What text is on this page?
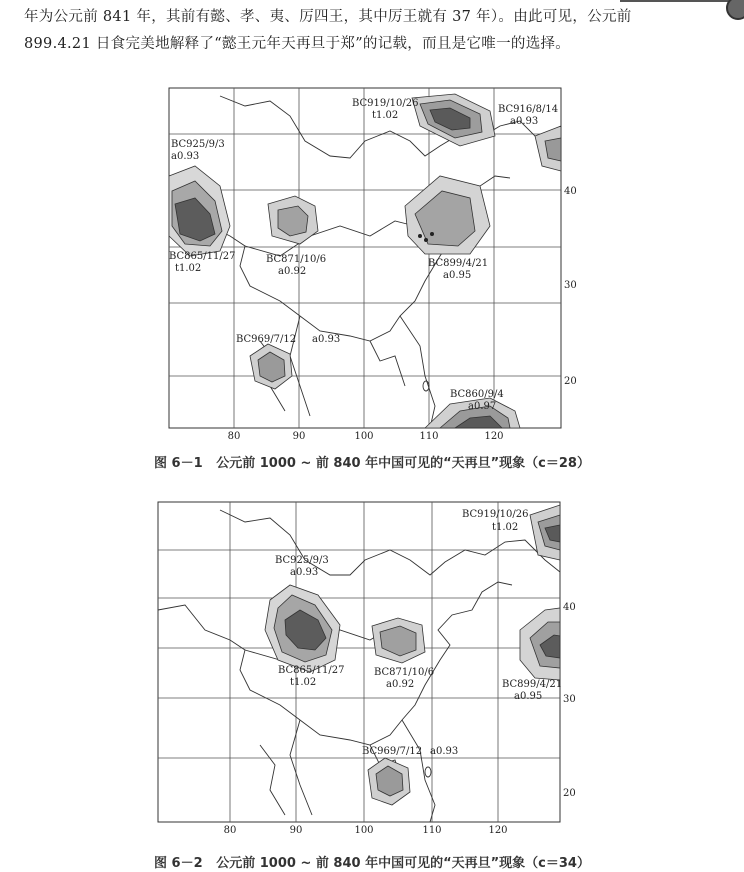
年为公元前 841 年，其前有懿、孝、夷、厉四王，其中厉王就有 37 年）。由此可见，公元前

899.4.21 日食完美地解释了“懿王元年天再旦于郑”的记载，而且是它唯一的选择。

BC919/10/26
t1.02
BC916/8/14
a0.93
BC925/9/3
a0.93
BC865/11/27
t1.02
BC871/10/6
a0.92
BC899/4/21
a0.95
BC969/7/12 a0.93
BC860/9/4
a0.97
40
30
20
80	90	100	110	120
图 6－1 公元前 1000 ~ 前 840 年中国可见的“天再旦”现象（c＝28）
BC919/10/26
t1.02
BC925/9/3
a0.93
BC865/11/27
t1.02
BC871/10/6
a0.92	BC899/4/21
a0.95
BC969/7/12 a0.93
40
30
20
80	90	100	110	120
图 6－2 公元前 1000 ~ 前 840 年中国可见的“天再旦”现象（c＝34）
